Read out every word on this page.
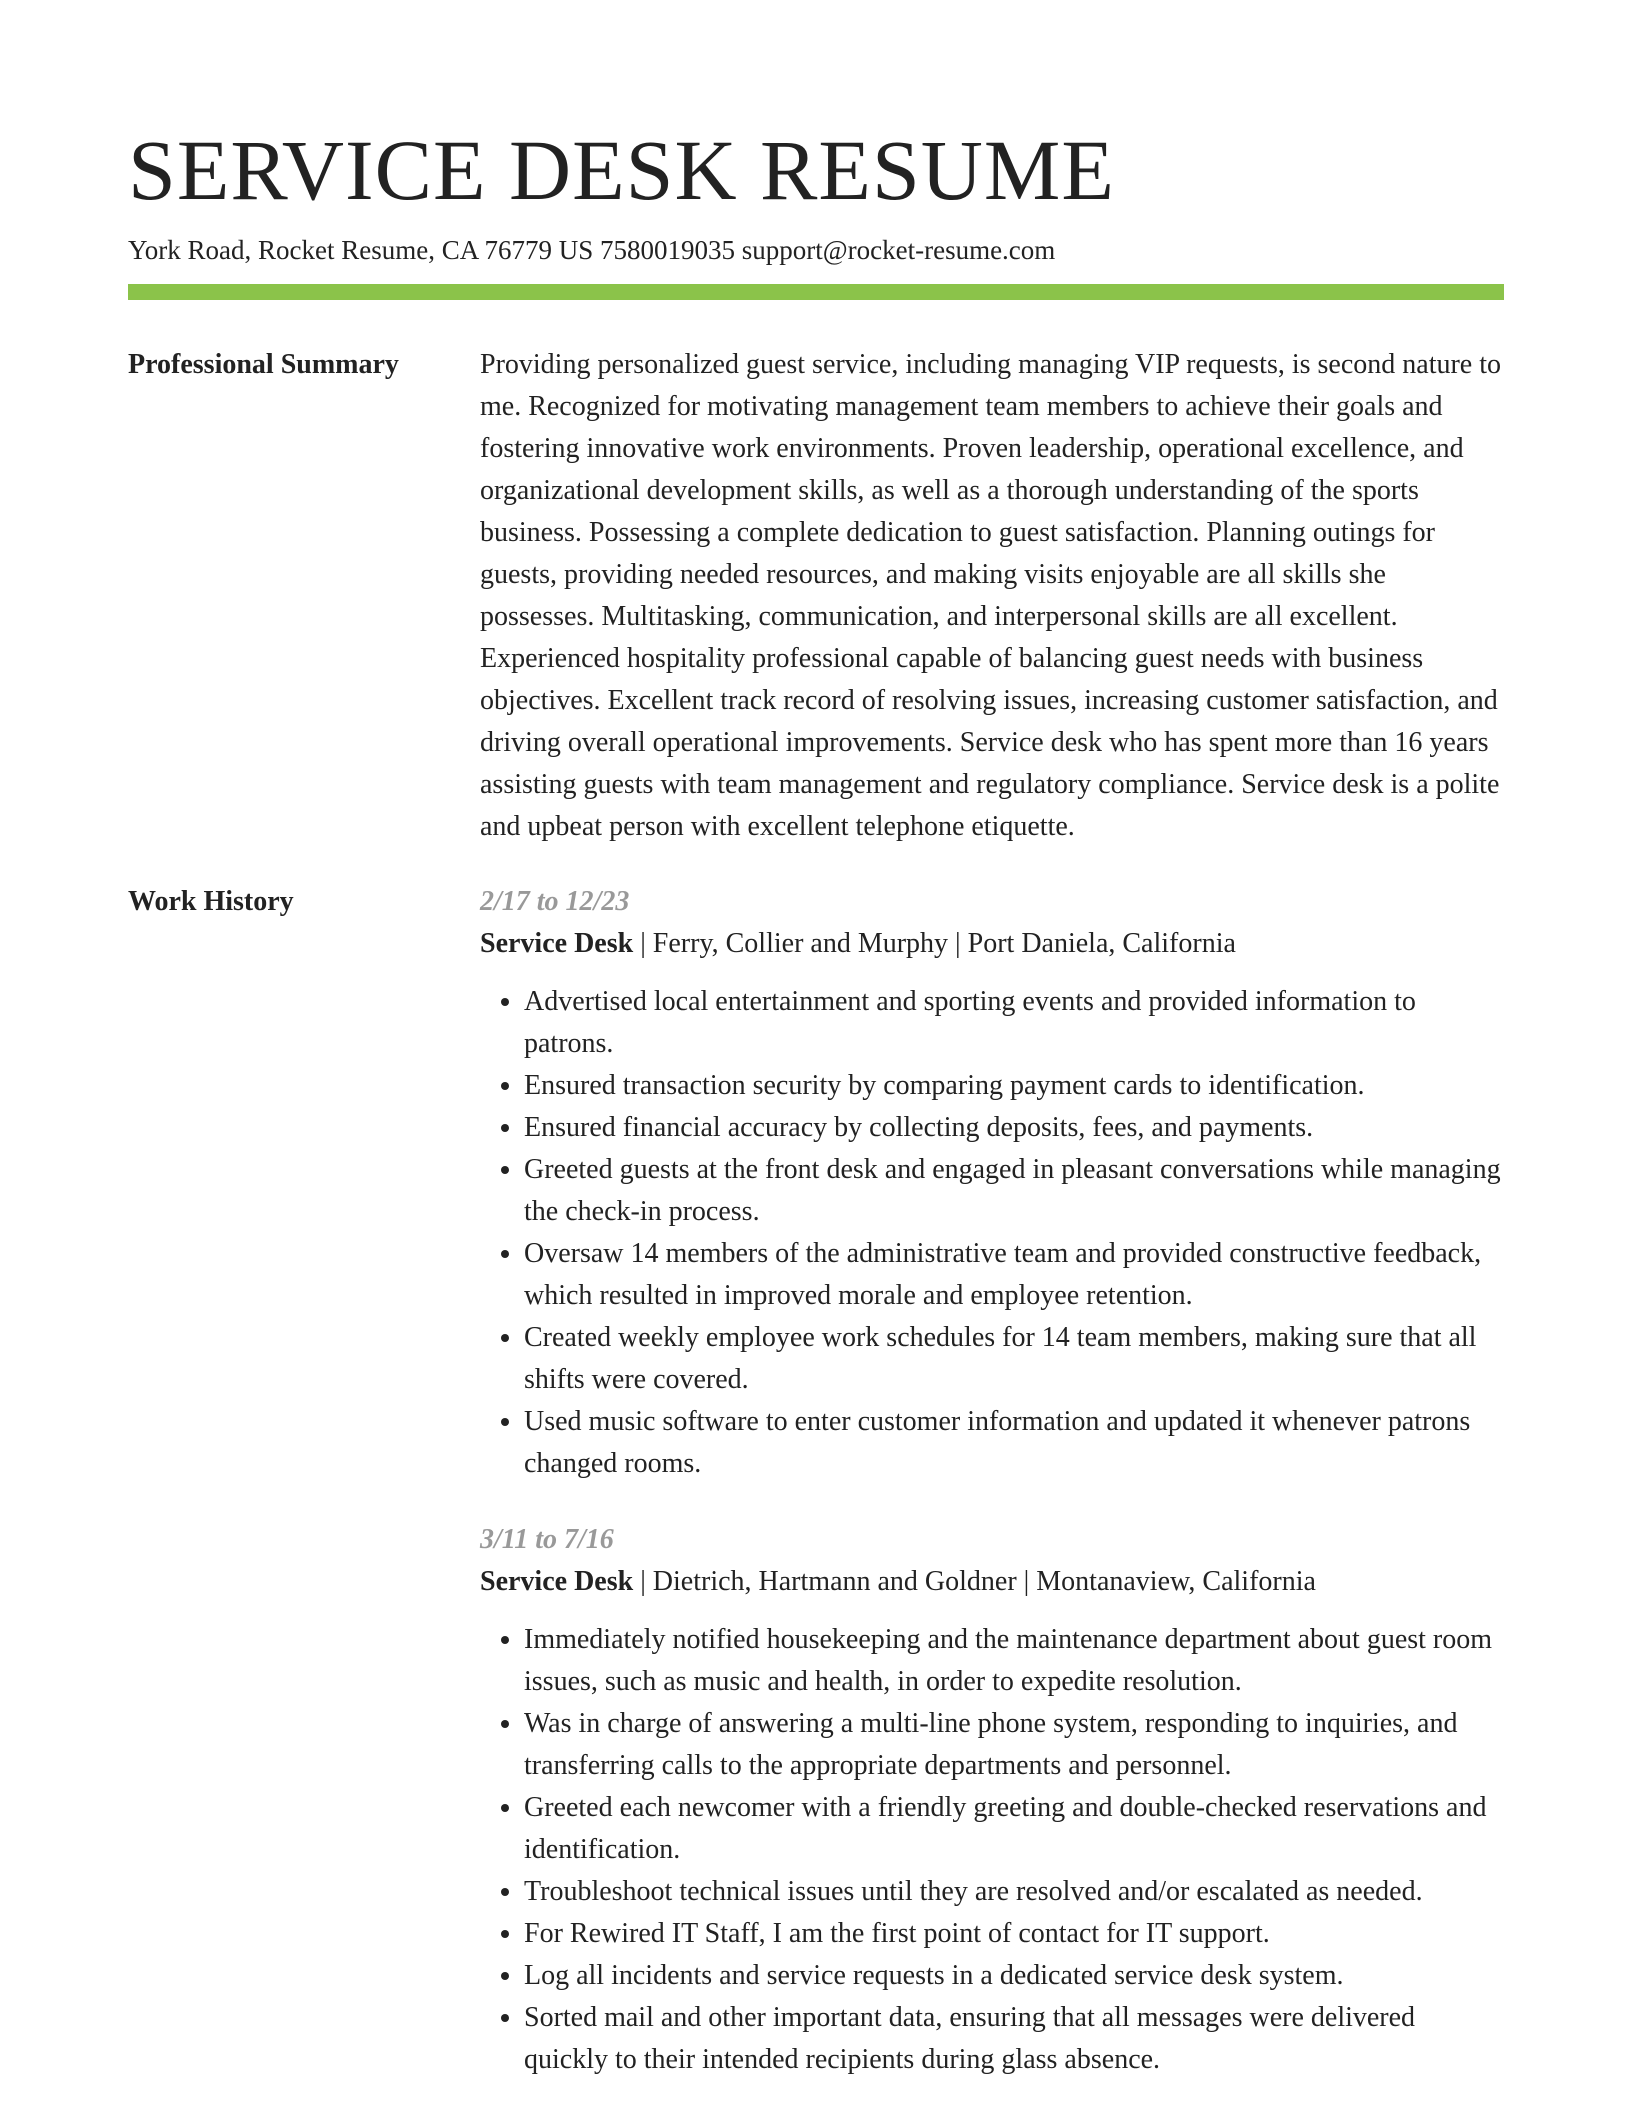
SERVICE DESK RESUME
York Road, Rocket Resume, CA 76779 US 7580019035 support@rocket-resume.com
Professional Summary	Providing personalized guest service, including managing VIP requests, is second nature to me. Recognized for motivating management team members to achieve their goals and fostering innovative work environments. Proven leadership, operational excellence, and organizational development skills, as well as a thorough understanding of the sports business. Possessing a complete dedication to guest satisfaction. Planning outings for guests, providing needed resources, and making visits enjoyable are all skills she possesses. Multitasking, communication, and interpersonal skills are all excellent. Experienced hospitality professional capable of balancing guest needs with business objectives. Excellent track record of resolving issues, increasing customer satisfaction, and driving overall operational improvements. Service desk who has spent more than 16 years assisting guests with team management and regulatory compliance. Service desk is a polite and upbeat person with excellent telephone etiquette.

Work History	2/17 to 12/23
Service Desk | Ferry, Collier and Murphy | Port Daniela, California
• Advertised local entertainment and sporting events and provided information to patrons.
• Ensured transaction security by comparing payment cards to identification.
• Ensured financial accuracy by collecting deposits, fees, and payments.
• Greeted guests at the front desk and engaged in pleasant conversations while managing the check-in process.
• Oversaw 14 members of the administrative team and provided constructive feedback, which resulted in improved morale and employee retention.
• Created weekly employee work schedules for 14 team members, making sure that all shifts were covered.
• Used music software to enter customer information and updated it whenever patrons changed rooms.
3/11 to 7/16
Service Desk | Dietrich, Hartmann and Goldner | Montanaview, California
• Immediately notified housekeeping and the maintenance department about guest room issues, such as music and health, in order to expedite resolution.
• Was in charge of answering a multi-line phone system, responding to inquiries, and transferring calls to the appropriate departments and personnel.
• Greeted each newcomer with a friendly greeting and double-checked reservations and identification.
• Troubleshoot technical issues until they are resolved and/or escalated as needed.
• For Rewired IT Staff, I am the first point of contact for IT support.
• Log all incidents and service requests in a dedicated service desk system.
• Sorted mail and other important data, ensuring that all messages were delivered quickly to their intended recipients during glass absence.
